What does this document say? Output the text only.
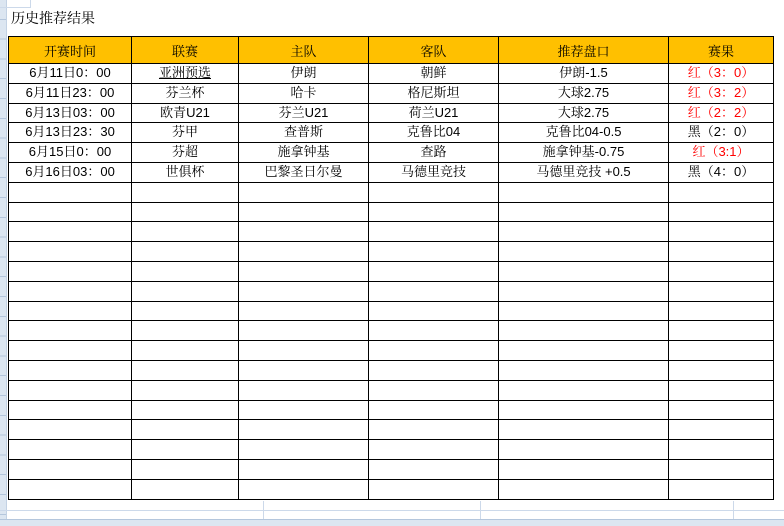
历史推荐结果
开赛时间	联赛	主队	客队	推荐盘口	赛果
6月11日0：00	亚洲预选	伊朗	朝鲜	伊朗-1.5	红（3：0）
6月11日23：00	芬兰杯	哈卡	格尼斯坦	大球2.75	红（3：2）
6月13日03：00	欧青U21	芬兰U21	荷兰U21	大球2.75	红（2：2）
6月13日23：30	芬甲	查普斯	克鲁比04	克鲁比04-0.5	黑（2：0）
6月15日0：00	芬超	施拿钟基	查路	施拿钟基-0.75	红（3:1）
6月16日03：00	世俱杯	巴黎圣日尔曼	马德里竞技	马德里竞技 +0.5	黑（4：0）
